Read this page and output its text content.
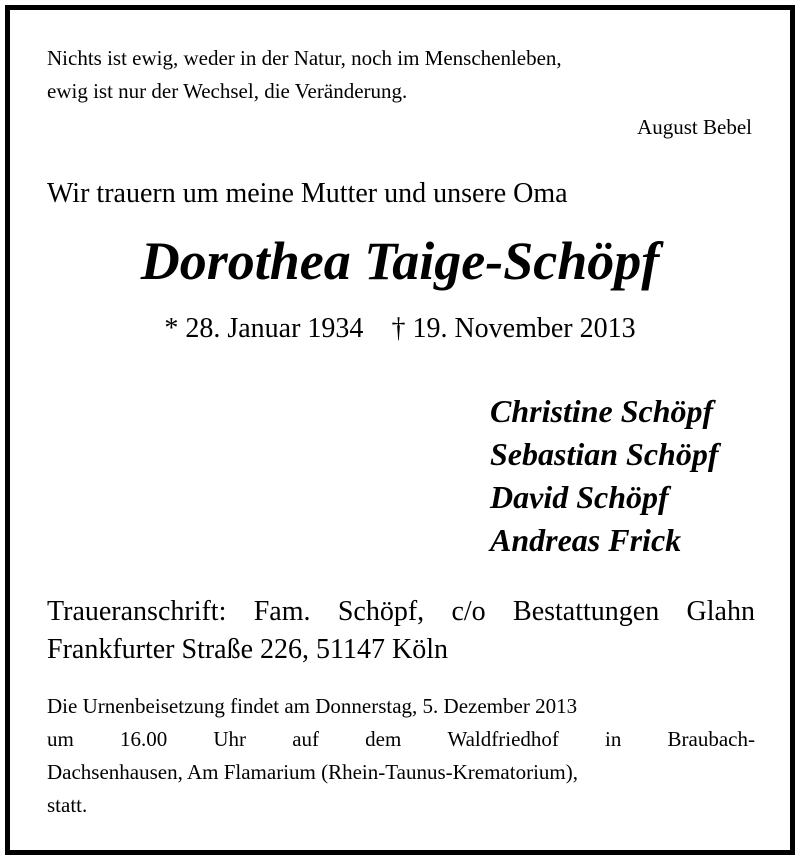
Nichts ist ewig, weder in der Natur, noch im Menschenleben,

ewig ist nur der Wechsel, die Veränderung.

August Bebel

Wir trauern um meine Mutter und unsere Oma

Dorothea Taige-Schöpf

* 28. Januar 1934 † 19. November 2013

Christine Schöpf

Sebastian Schöpf

David Schöpf

Andreas Frick

Traueranschrift: Fam. Schöpf, c/o Bestattungen Glahn

Frankfurter Straße 226, 51147 Köln

Die Urnenbeisetzung findet am Donnerstag, 5. Dezember 2013

um 16.00 Uhr auf dem Waldfriedhof in Braubach-

Dachsenhausen, Am Flamarium (Rhein-Taunus-Krematorium),

statt.
